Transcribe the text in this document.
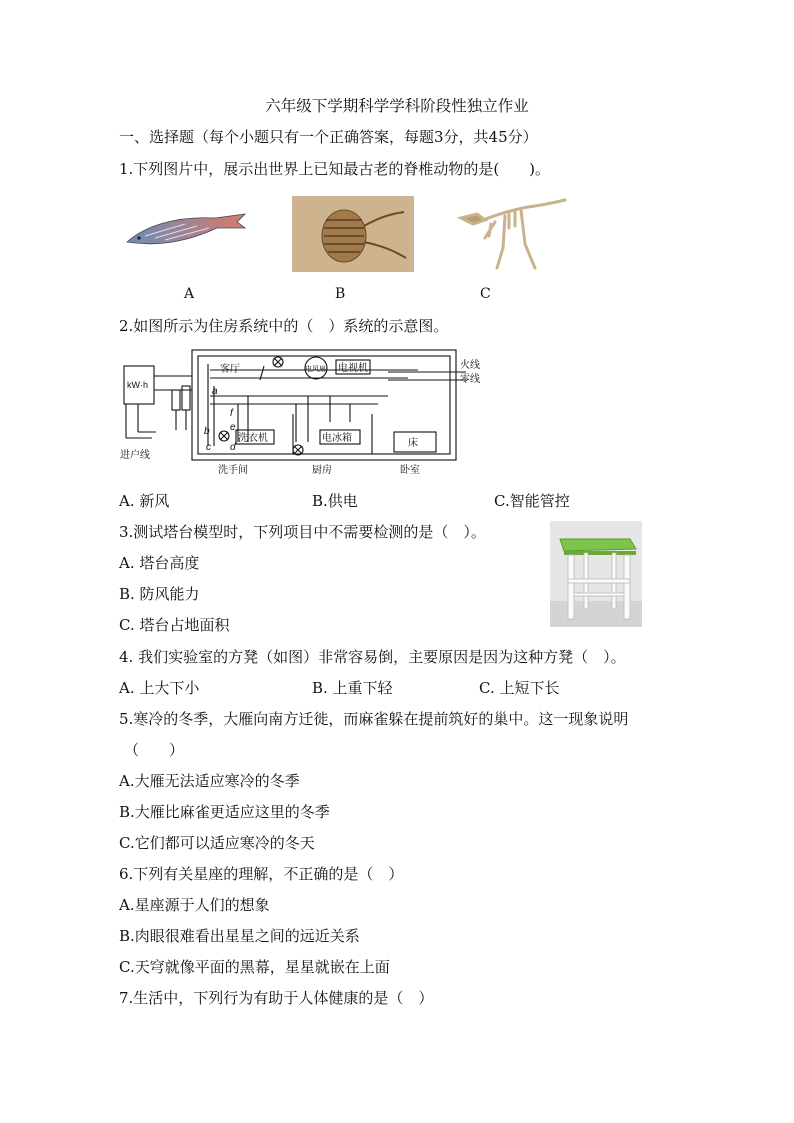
六年级下学期科学学科阶段性独立作业
一、选择题（每个小题只有一个正确答案，每题3分，共45分）
1.下列图片中，展示出世界上已知最古老的脊椎动物的是(　　)。
A	B	C
2.如图所示为住房系统中的（　）系统的示意图。
kW·h
进户线
客厅	电风扇 电视机	火线
零线
洗衣机	电冰箱	床
洗手间	厨房	卧室
a
b
c d
e
f
A. 新风	B.供电	C.智能管控
3.测试塔台模型时，下列项目中不需要检测的是（　）。
A. 塔台高度
B. 防风能力
C. 塔台占地面积
4. 我们实验室的方凳（如图）非常容易倒，主要原因是因为这种方凳（　）。
A. 上大下小	B. 上重下轻	C. 上短下长
5.寒冷的冬季，大雁向南方迁徙，而麻雀躲在提前筑好的巢中。这一现象说明
（　　）
A.大雁无法适应寒冷的冬季
B.大雁比麻雀更适应这里的冬季
C.它们都可以适应寒冷的冬天
6.下列有关星座的理解，不正确的是（　）
A.星座源于人们的想象
B.肉眼很难看出星星之间的远近关系
C.天穹就像平面的黑幕，星星就嵌在上面
7.生活中，下列行为有助于人体健康的是（　）
